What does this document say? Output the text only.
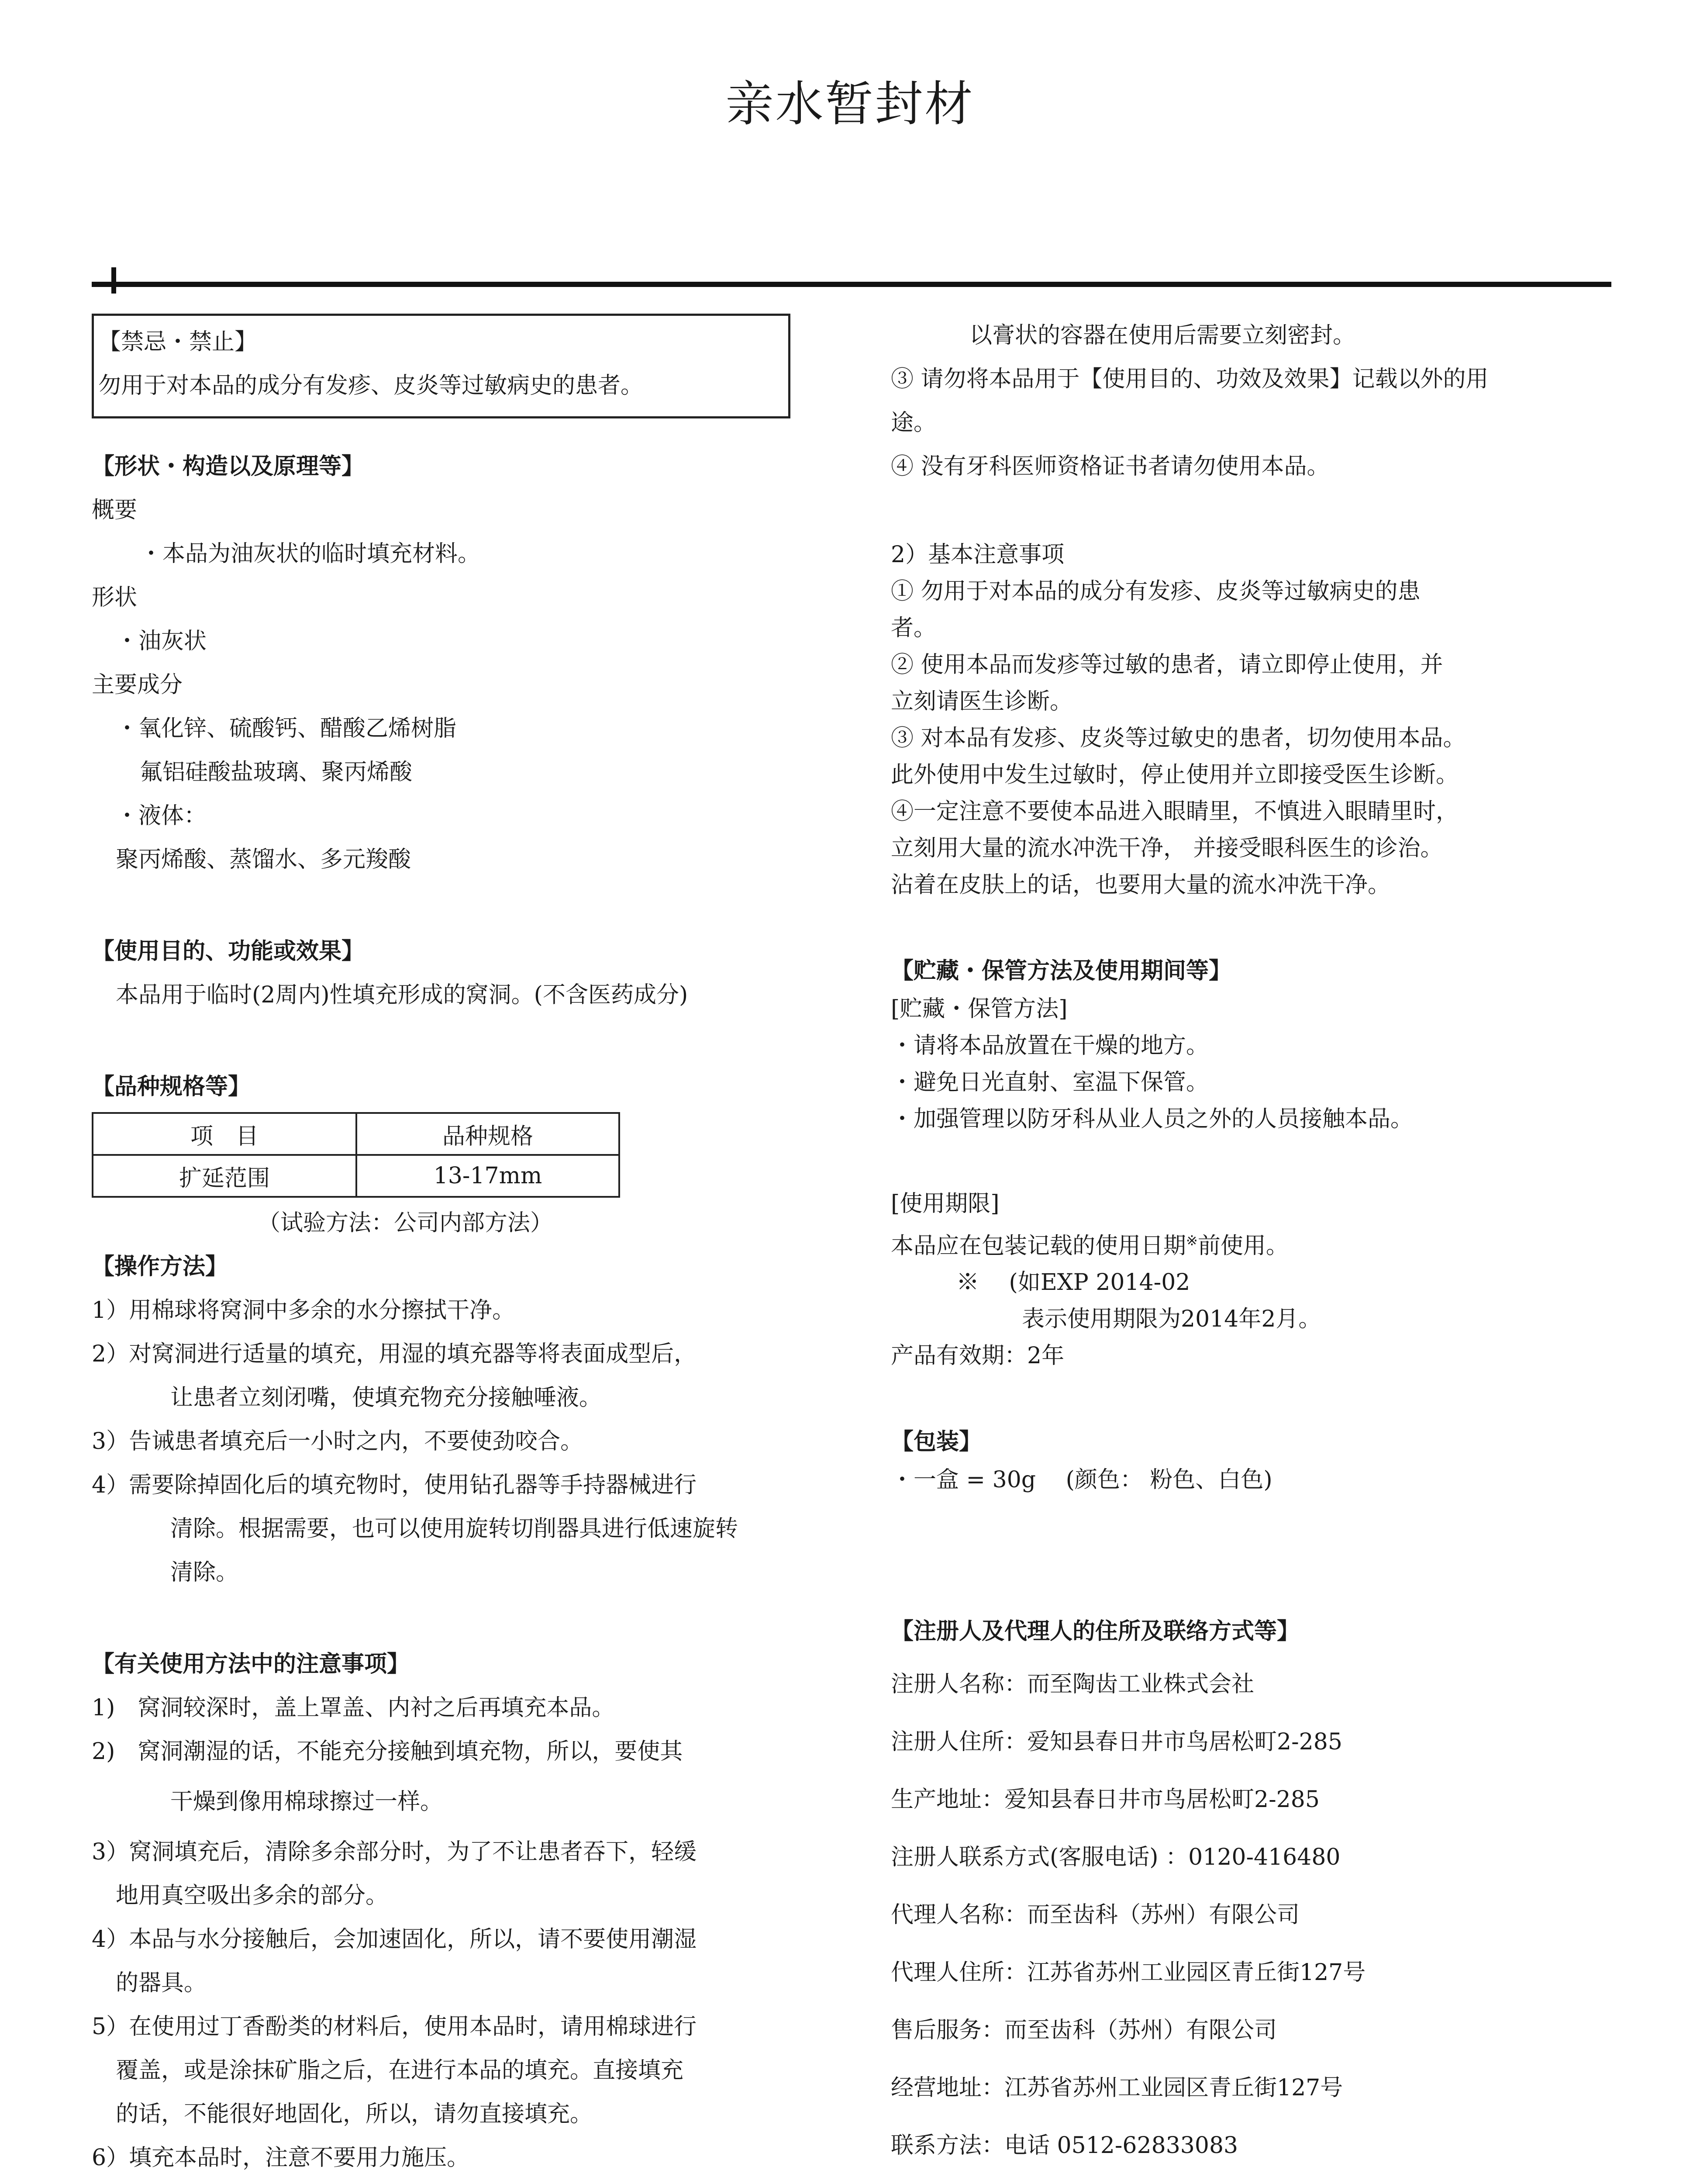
亲水暂封材
【禁忌・禁止】
勿用于对本品的成分有发疹、皮炎等过敏病史的患者。
【形状・构造以及原理等】
概要
・本品为油灰状的临时填充材料。
形状
・油灰状
主要成分
・氧化锌、硫酸钙、醋酸乙烯树脂
氟铝硅酸盐玻璃、聚丙烯酸
・液体：
聚丙烯酸、蒸馏水、多元羧酸
【使用目的、功能或效果】
本品用于临时(2周内)性填充形成的窝洞。(不含医药成分)
【品种规格等】
项　目	品种规格
扩延范围	13-17mm
（试验方法：公司内部方法）
【操作方法】
1）用棉球将窝洞中多余的水分擦拭干净。
2）对窝洞进行适量的填充，用湿的填充器等将表面成型后，
让患者立刻闭嘴，使填充物充分接触唾液。
3）告诫患者填充后一小时之内，不要使劲咬合。
4）需要除掉固化后的填充物时，使用钻孔器等手持器械进行
清除。根据需要，也可以使用旋转切削器具进行低速旋转
清除。
【有关使用方法中的注意事项】
1)　窝洞较深时，盖上罩盖、内衬之后再填充本品。
2)　窝洞潮湿的话，不能充分接触到填充物，所以，要使其
干燥到像用棉球擦过一样。
3）窝洞填充后，清除多余部分时，为了不让患者吞下，轻缓
地用真空吸出多余的部分。
4）本品与水分接触后，会加速固化，所以，请不要使用潮湿
的器具。
5）在使用过丁香酚类的材料后，使用本品时，请用棉球进行
覆盖，或是涂抹矿脂之后，在进行本品的填充。直接填充
的话，不能很好地固化，所以，请勿直接填充。
6）填充本品时，注意不要用力施压。
以膏状的容器在使用后需要立刻密封。
③ 请勿将本品用于【使用目的、功效及效果】记载以外的用
途。
④ 没有牙科医师资格证书者请勿使用本品。
2）基本注意事项
① 勿用于对本品的成分有发疹、皮炎等过敏病史的患
者。
② 使用本品而发疹等过敏的患者，请立即停止使用，并
立刻请医生诊断。
③ 对本品有发疹、皮炎等过敏史的患者，切勿使用本品。
此外使用中发生过敏时，停止使用并立即接受医生诊断。
④一定注意不要使本品进入眼睛里，不慎进入眼睛里时，
立刻用大量的流水冲洗干净， 并接受眼科医生的诊治。
沾着在皮肤上的话，也要用大量的流水冲洗干净。
【贮藏・保管方法及使用期间等】
[贮藏・保管方法]
・请将本品放置在干燥的地方。
・避免日光直射、室温下保管。
・加强管理以防牙科从业人员之外的人员接触本品。
[使用期限]
本品应在包装记载的使用日期※前使用。
※　 (如EXP 2014-02
表示使用期限为2014年2月。
产品有效期：2年
【包装】
・一盒 = 30g　 (颜色： 粉色、白色)
【注册人及代理人的住所及联络方式等】
注册人名称：而至陶齿工业株式会社
注册人住所：爱知县春日井市鸟居松町2-285
生产地址：爱知县春日井市鸟居松町2-285
注册人联系方式(客服电话) ：0120-416480
代理人名称：而至齿科（苏州）有限公司
代理人住所：江苏省苏州工业园区青丘街127号
售后服务：而至齿科（苏州）有限公司
经营地址：江苏省苏州工业园区青丘街127号
联系方法：电话 0512-62833083
